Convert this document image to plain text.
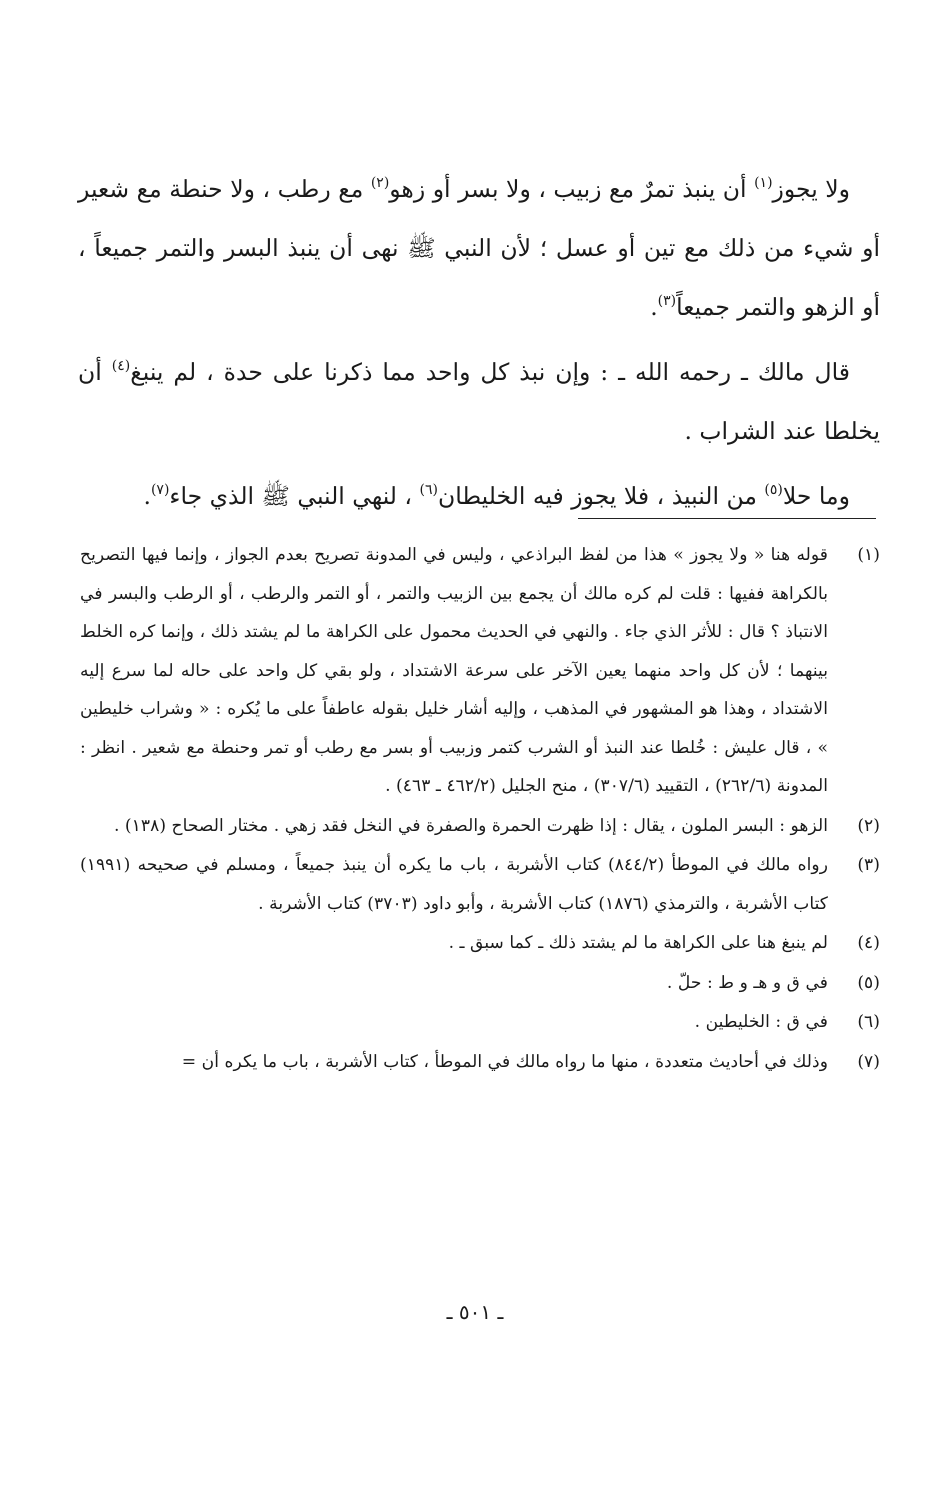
ولا يجوز$^{(١)}$ أن ينبذ تمرٌ مع زبيب ، ولا بسر أو زهو$^{(٢)}$ مع رطب ، ولا حنطة مع شعير أو شيء من ذلك مع تين أو عسل ؛ لأن النبي ﷺ نهى أن ينبذ البسر والتمر جميعاً ، أو الزهو والتمر جميعاً$^{(٣)}$.

قال مالك ـ رحمه الله ـ : وإن نبذ كل واحد مما ذكرنا على حدة ، لم ينبغ$^{(٤)}$ أن يخلطا عند الشراب .

وما حلا$^{(٥)}$ من النبيذ ، فلا يجوز فيه الخليطان$^{(٦)}$ ، لنهي النبي ﷺ الذي جاء$^{(٧)}$.

(١)
قوله هنا « ولا يجوز » هذا من لفظ البراذعي ، وليس في المدونة تصريح بعدم الجواز ، وإنما فيها التصريح بالكراهة ففيها : قلت لم كره مالك أن يجمع بين الزبيب والتمر ، أو التمر والرطب ، أو الرطب والبسر في الانتباذ ؟ قال : للأثر الذي جاء . والنهي في الحديث محمول على الكراهة ما لم يشتد ذلك ، وإنما كره الخلط بينهما ؛ لأن كل واحد منهما يعين الآخر على سرعة الاشتداد ، ولو بقي كل واحد على حاله لما سرع إليه الاشتداد ، وهذا هو المشهور في المذهب ، وإليه أشار خليل بقوله عاطفاً على ما يُكره : « وشراب خليطين » ، قال عليش : خُلطا عند النبذ أو الشرب كتمر وزبيب أو بسر مع رطب أو تمر وحنطة مع شعير . انظر : المدونة (٢٦٢/٦) ، التقييد (٣٠٧/٦) ، منح الجليل (٤٦٢/٢ ـ ٤٦٣) .
(٢)
الزهو : البسر الملون ، يقال : إذا ظهرت الحمرة والصفرة في النخل فقد زهي . مختار الصحاح (١٣٨) .
(٣)
رواه مالك في الموطأ (٨٤٤/٢) كتاب الأشربة ، باب ما يكره أن ينبذ جميعاً ، ومسلم في صحيحه (١٩٩١) كتاب الأشربة ، والترمذي (١٨٧٦) كتاب الأشربة ، وأبو داود (٣٧٠٣) كتاب الأشربة .
(٤)
لم ينبغ هنا على الكراهة ما لم يشتد ذلك ـ كما سبق ـ .
(٥)
في ق و هـ و ط : حلّ .
(٦)
في ق : الخليطين .
(٧)
وذلك في أحاديث متعددة ، منها ما رواه مالك في الموطأ ، كتاب الأشربة ، باب ما يكره أن =
ـ ٥٠١ ـ
